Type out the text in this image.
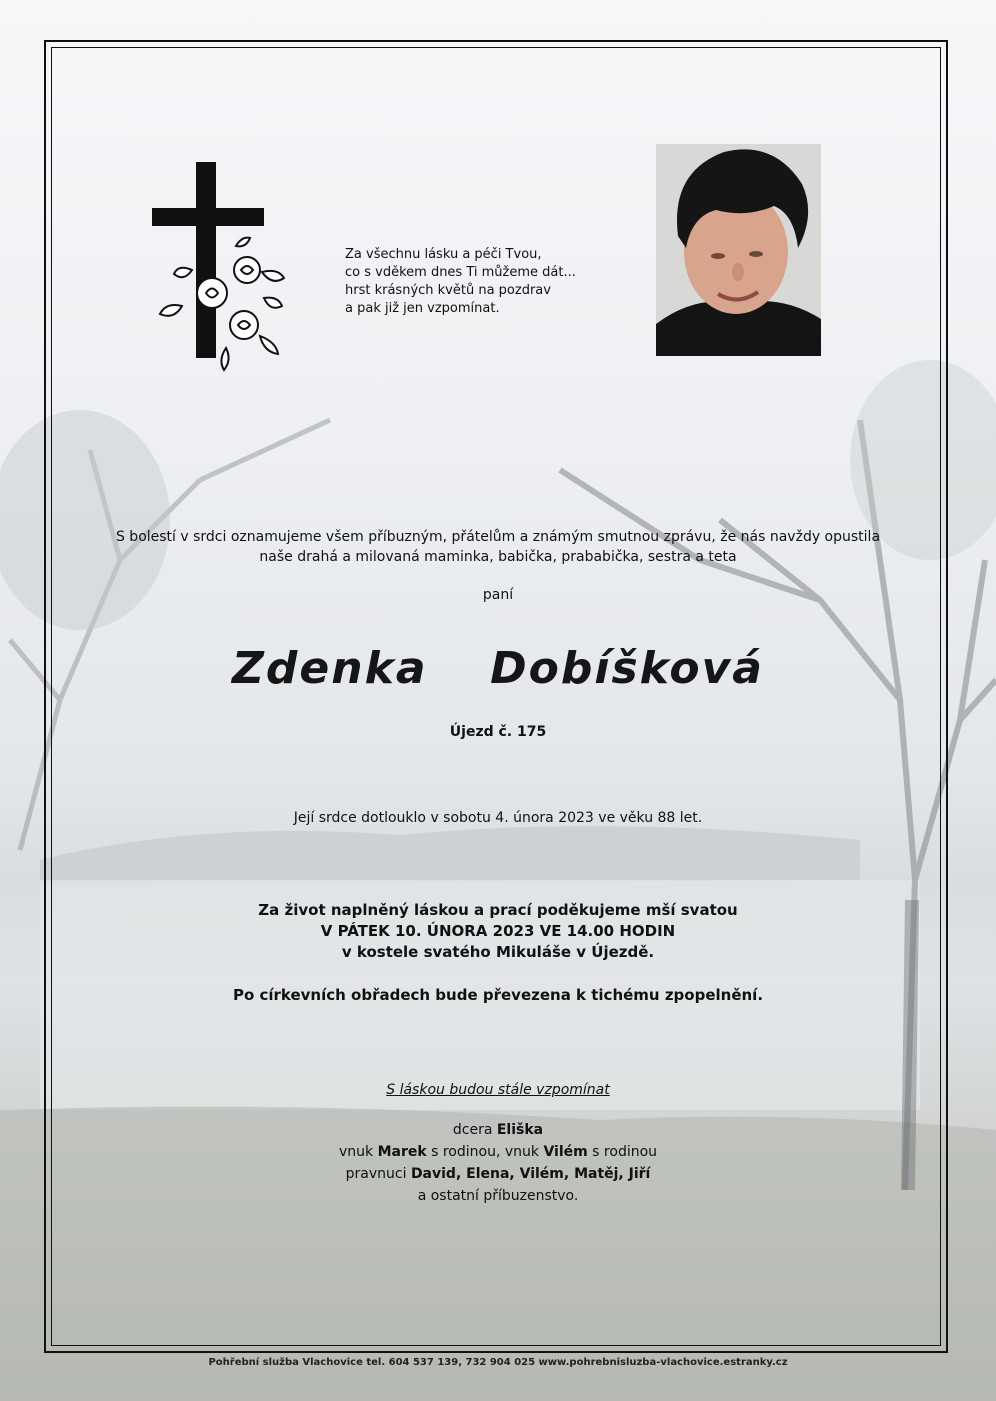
Za všechnu lásku a péči Tvou,
co s vděkem dnes Ti můžeme dát...
hrst krásných květů na pozdrav
a pak již jen vzpomínat.
S bolestí v srdci oznamujeme všem příbuzným, přátelům a známým smutnou zprávu, že nás navždy opustila
naše drahá a milovaná maminka, babička, prababička, sestra a teta
paní
Zdenka  Dobíšková
Újezd č. 175
Její srdce dotlouklo v sobotu 4. února 2023 ve věku 88 let.
Za život naplněný láskou a prací poděkujeme mší svatou
V PÁTEK 10. ÚNORA 2023 VE 14.00 HODIN
v kostele svatého Mikuláše v Újezdě.
Po církevních obřadech bude převezena k tichému zpopelnění.
S láskou budou stále vzpomínat
dcera Eliška
vnuk Marek s rodinou, vnuk Vilém s rodinou
pravnuci David, Elena, Vilém, Matěj, Jiří
a ostatní příbuzenstvo.
Pohřební služba Vlachovice tel. 604 537 139, 732 904 025 www.pohrebnisluzba-vlachovice.estranky.cz
